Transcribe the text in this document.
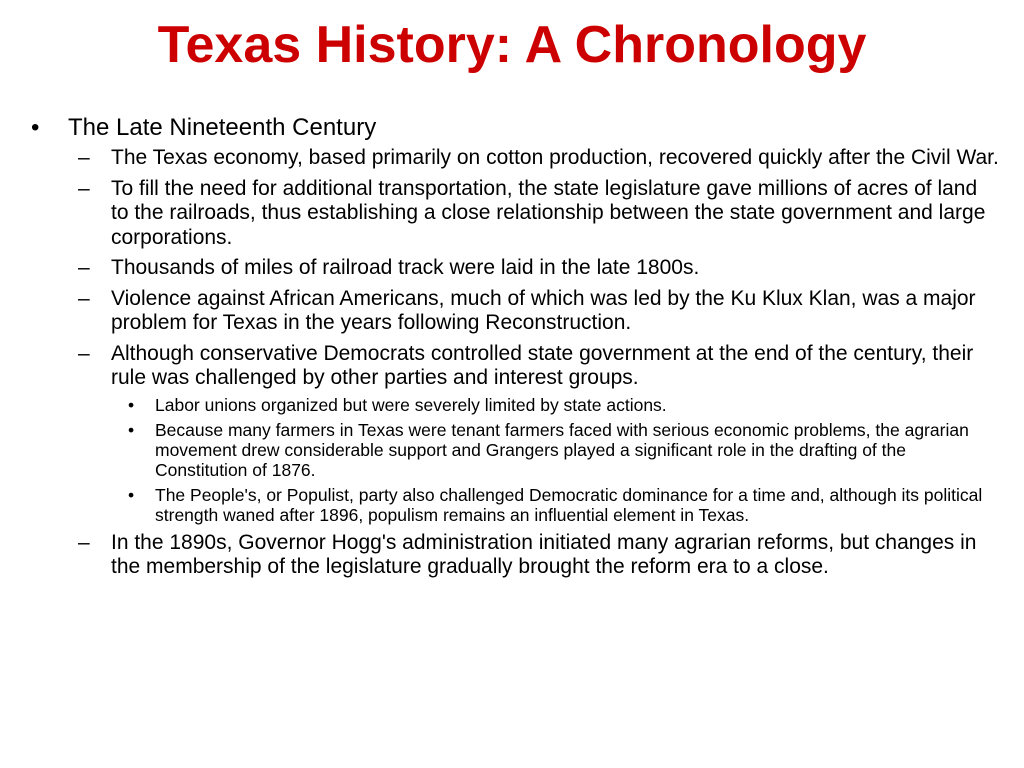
Texas History: A Chronology
•	The Late Nineteenth Century
–	The Texas economy, based primarily on cotton production, recovered quickly after the Civil War.
–	To fill the need for additional transportation, the state legislature gave millions of acres of land to the railroads, thus establishing a close relationship between the state government and large corporations.
–	Thousands of miles of railroad track were laid in the late 1800s.
–	Violence against African Americans, much of which was led by the Ku Klux Klan, was a major problem for Texas in the years following Reconstruction.
–	Although conservative Democrats controlled state government at the end of the century, their rule was challenged by other parties and interest groups.
•	Labor unions organized but were severely limited by state actions.
•	Because many farmers in Texas were tenant farmers faced with serious economic problems, the agrarian movement drew considerable support and Grangers played a significant role in the drafting of the Constitution of 1876.
•	The People's, or Populist, party also challenged Democratic dominance for a time and, although its political strength waned after 1896, populism remains an influential element in Texas.
–	In the 1890s, Governor Hogg's administration initiated many agrarian reforms, but changes in the membership of the legislature gradually brought the reform era to a close.
